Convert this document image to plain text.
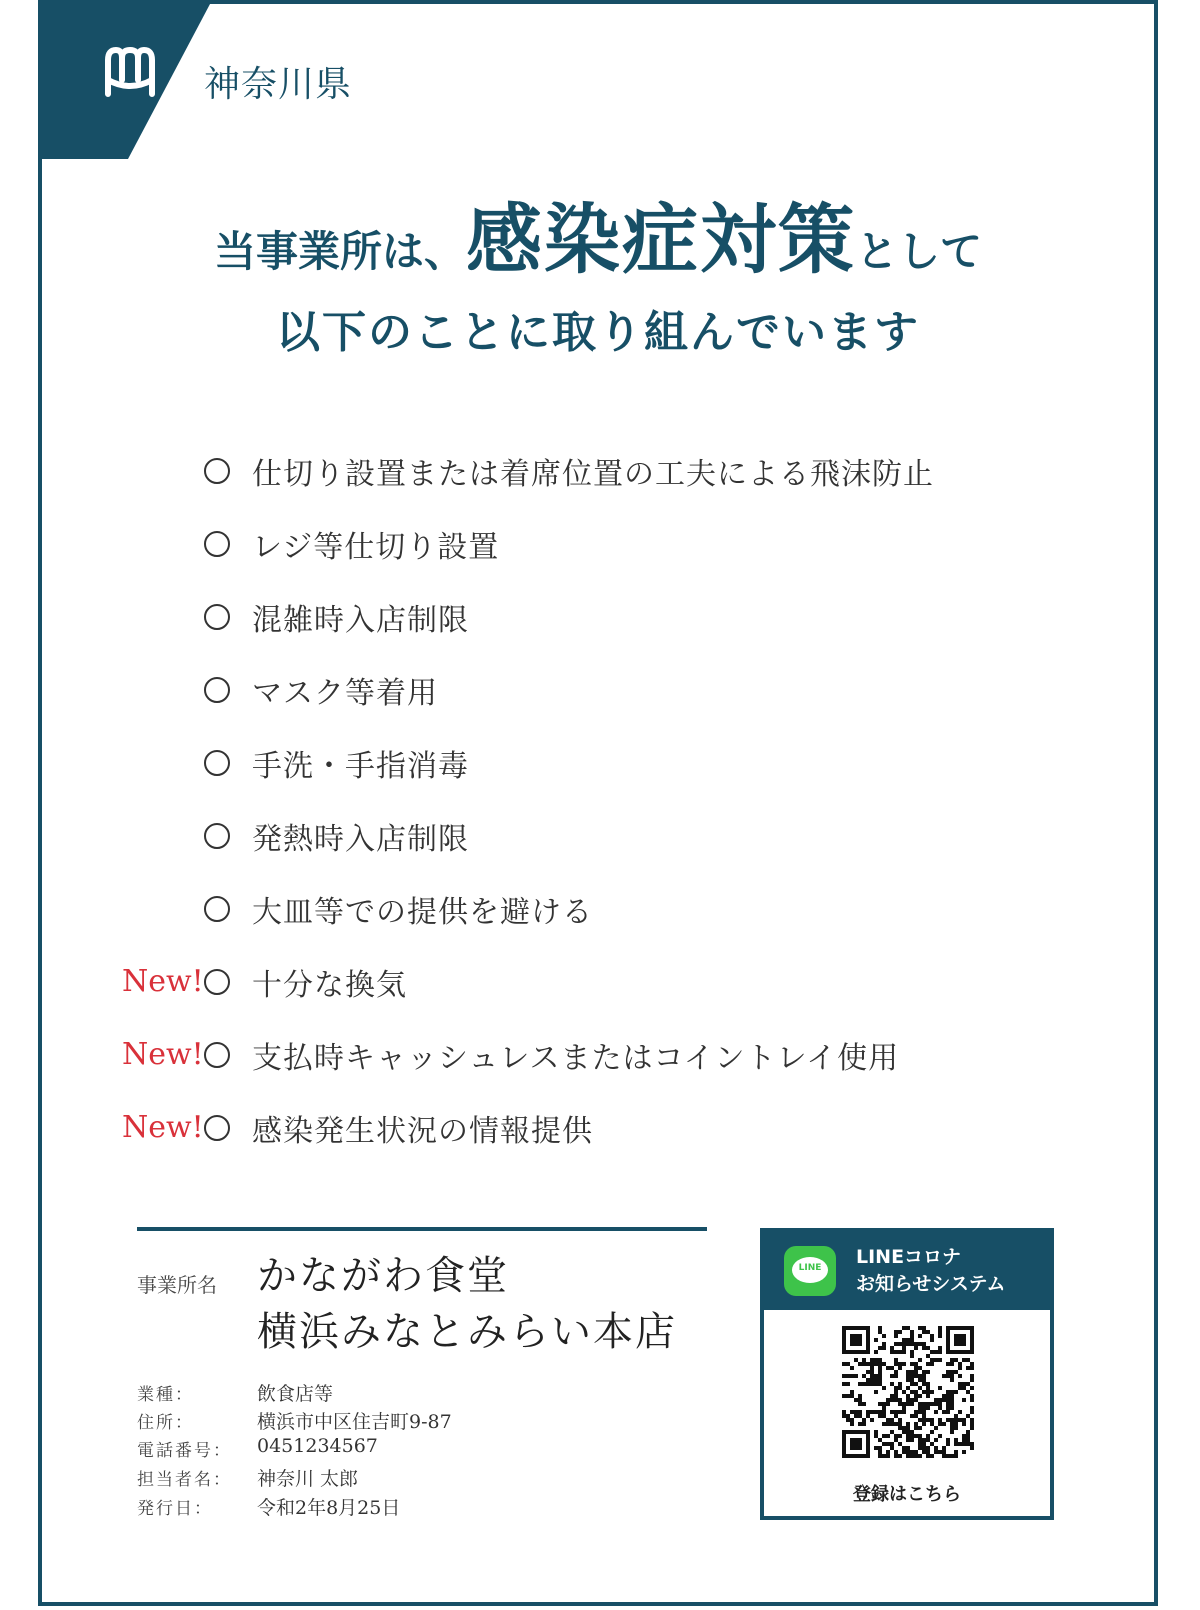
神奈川県
当事業所は、感染症対策として
以下のことに取り組んでいます
仕切り設置または着席位置の工夫による飛沫防止
レジ等仕切り設置
混雑時入店制限
マスク等着用
手洗・手指消毒
発熱時入店制限
大皿等での提供を避ける
New! 十分な換気
New! 支払時キャッシュレスまたはコイントレイ使用
New! 感染発生状況の情報提供
事業所名 かながわ食堂
横浜みなとみらい本店
業種：	飲食店等
住所：	横浜市中区住吉町9-87
電話番号： 0451234567
担当者名： 神奈川 太郎
発行日： 令和2年8月25日
LINE	LINEコロナ
お知らせシステム
登録はこちら
